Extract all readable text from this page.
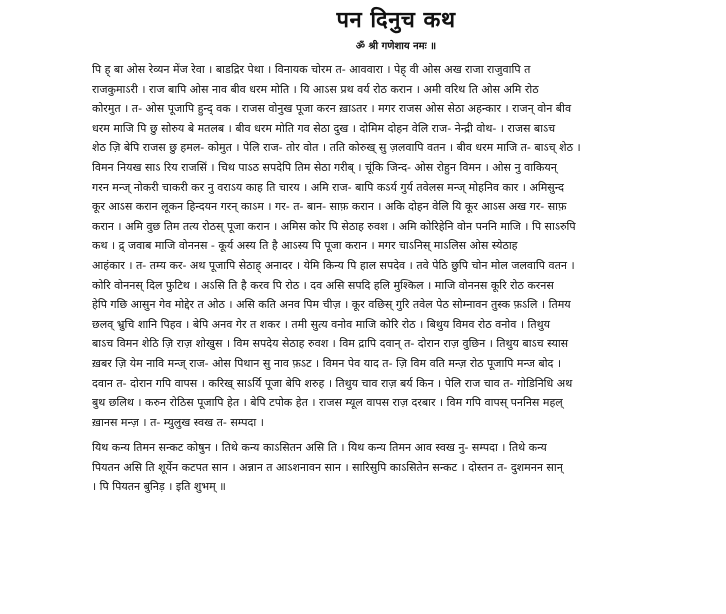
पन दिनुच कथ
ॐ श्री गणेशाय नमः ॥

पि ह् बा ओस रेव्यन मेंज रेवा । बाडद्रिर पेथा । विनायक चोरम त- आववारा । पेह् वी ओस अख राजा राजुवापि त
राजकुमाऽरी । राज बापि ओस नाव बीव धरम मोति । यि आऽस प्रथ वर्य रोठ करान । अमी वरिथ ति ओस अमि रोठ
कोरमुत । त- ओस पूजापि हुन्द् वक । राजस वोनुख पूजा करन ख़ाऽतर । मगर राजस ओस सेठा अहन्कार । राजन् वोन बीव
धरम माजि पि छु सोरुय बे मतलब । बीव धरम मोति गव सेठा दुख । दोमिम दोहन वेलि राज- नेन्द्री वोथ- । राजस बाऽच
शेठ ज़ि बेपि राजस छु हमल- कोमुत । पेलि राज- तोर वोत । तति कोरुख् सु ज़लवापि वतन । बीव धरम माजि त- बाऽच् शेठ ।
विमन नियख सा‍ऽ रिय राजसिं । चिथ पाऽठ सपदेपि तिम सेठा गरीब् । चूंकि जिन्द- ओस रोहुन विमन । ओस नु वाकियन्
गरन मन्ज् नोकरी चाकरी कर नु वराऽय काह ति चारय । अमि राज- बापि कऽर्य गुर्य तवेलस मन्ज् मोहनिव कार । अमिसुन्द
कूर आऽस करान लूकन हिन्दयन गरन् काऽम । गर- त- बान- साफ़ करान । अकि दोहन वेलि यि कूर आऽस अख गर- साफ़
करान । अमि वुछ तिम तत्य रोठस् पूजा करान । अमिस कोर पि सेठाह रुवश । अमि कोरिहेनि वोन पननि माजि । पि साऽरुपि
कथ । द्र् जवाब माजि वोननस - कूर्य अस्य ति है आऽस्य पि पूजा करान । मगर चाऽनिस् माऽलिस ओस स्येठाह
आहंकार । त- तम्य कर- अथ पूजापि सेठाह् अनादर । येमि किन्य पि हाल सपदेव । तवे पेठि छुपि चोन मोल जलवापि वतन ।
कोरि वोननस् दिल फुटिथ । अऽसि ति है करव पि रोठ । दव असि सपदि हलि मुश्किल । माजि वोननस कूरि रोठ करनस
हेपि गछि आसुन गेव मोद्देर त ओठ । असि कति अनव पिम चीज़ । कूर वछिस् गुरि तवेल पेठ सोम्नावन तुस्क फ़ऽलि । तिमय
छलव् भ्रुचि शानि पिहव । बेपि अनव गेर त शकर । तमी सुत्य वनोव माजि कोरि रोठ । बिथुय विमव रोठ वनोव । तिथुय
बाऽच विमन शेठि ज़ि राज़ शोखुस । विम सपदेय सेठाह रुवश । विम द्रापि दवान् त- दोरान राज़ वुछिन । तिथुय बाऽच स्यास
ख़बर ज़ि येम नावि मन्ज् राज- ओस पिथान सु नाव फ़ऽट । विमन पेव याद त- ज़ि विम वति मन्ज़ रोठ पूजापि मन्ज बोद ।
दवान त- दोरान गपि वापस । करिख् साऽर्यि पूजा बेपि शरुह । तिथुय चाव राज़ बर्य किन । पेलि राज चाव त- गोडिनिधि अथ
बुथ छलिथ । करुन रोठिस पूजापि हेत । बेपि टपोक हेत । राजस म्यूल वापस राज़ दरबार । विम गपि वापस् पननिस महल्
ख़ानस मन्ज़ । त- म्युलुख स्वख त- सम्पदा ।

यिथ कन्य तिमन सन्कट कोषुन । तिथे कन्य काऽसितन असि ति । यिथ कन्य तिमन आव स्वख नु- सम्पदा । तिथे कन्य
पियतन असि ति शूर्येन कटपत सान । अन्नान त आऽशनावन सान । सारिसुपि काऽसितेन सन्कट । दोस्तन त- दुशमनन सान्
। पि पियतन बुनिड़ । इति शुभम् ॥
